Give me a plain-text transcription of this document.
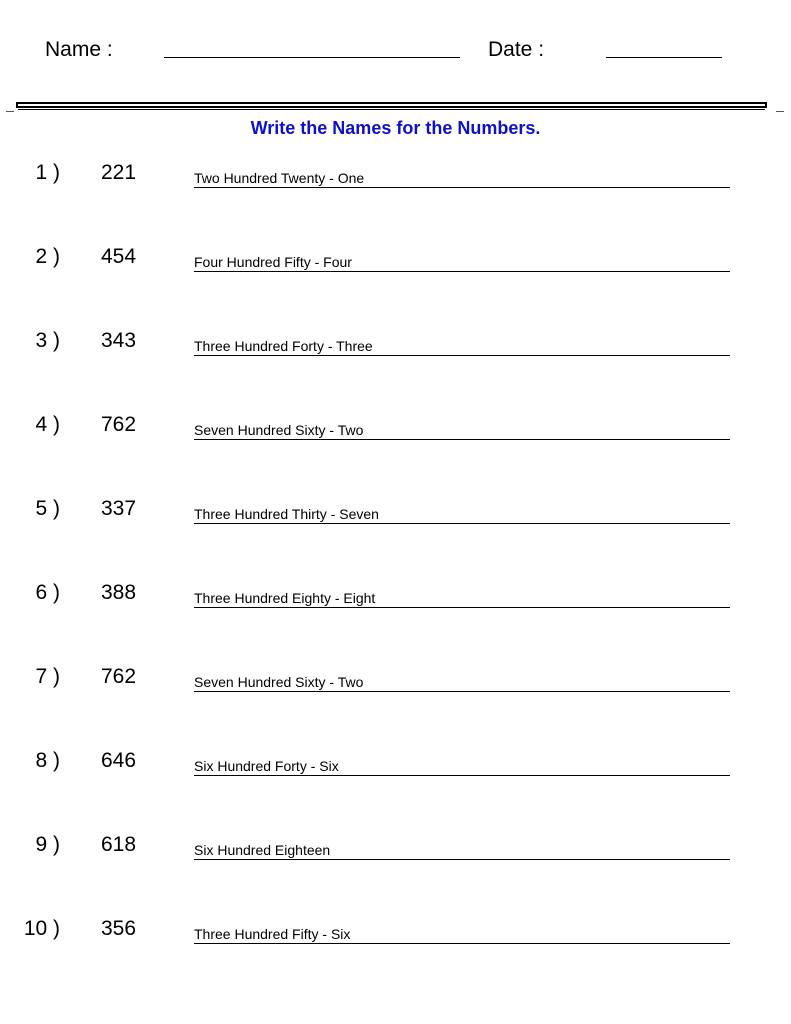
Name :	Date :
Write the Names for the Numbers.
1 ) 221	Two Hundred Twenty - One
2 ) 454	Four Hundred Fifty - Four
3 ) 343	Three Hundred Forty - Three
4 ) 762	Seven Hundred Sixty - Two
5 ) 337	Three Hundred Thirty - Seven
6 ) 388	Three Hundred Eighty - Eight
7 ) 762	Seven Hundred Sixty - Two
8 ) 646	Six Hundred Forty - Six
9 ) 618	Six Hundred Eighteen
10 ) 356	Three Hundred Fifty - Six
